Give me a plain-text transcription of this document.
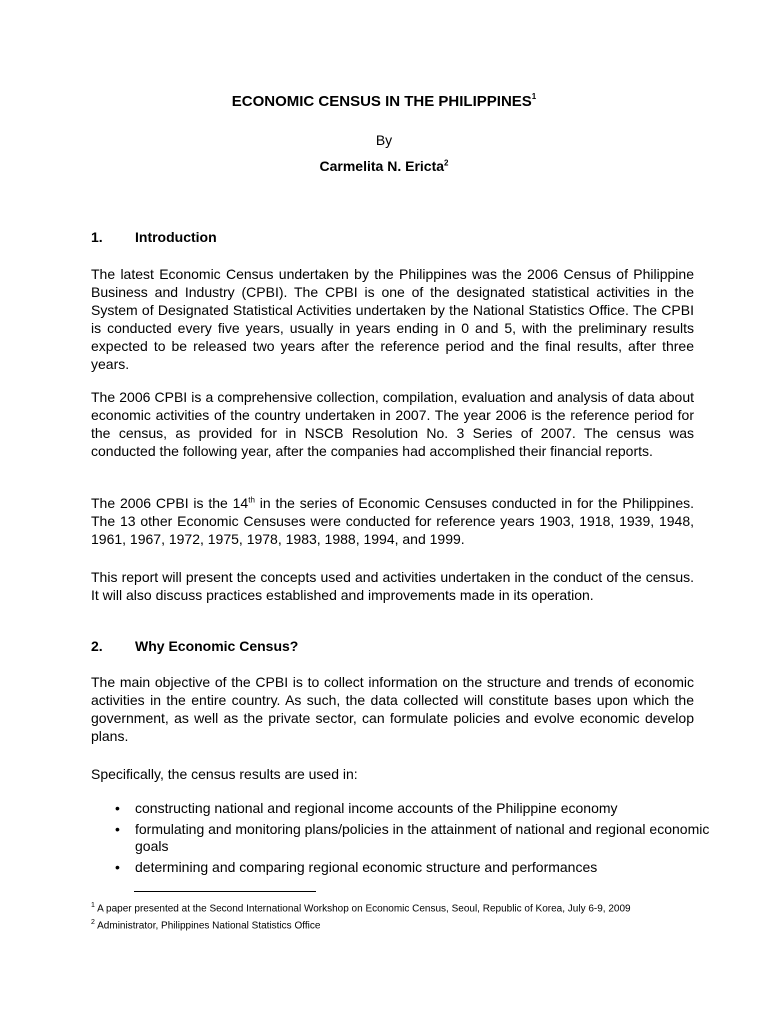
ECONOMIC CENSUS IN THE PHILIPPINES$^1$
By
Carmelita N. Ericta$^2$
1. Introduction
The latest Economic Census undertaken by the Philippines was the 2006 Census of Philippine Business and Industry (CPBI). The CPBI is one of the designated statistical activities in the System of Designated Statistical Activities undertaken by the National Statistics Office. The CPBI is conducted every five years, usually in years ending in 0 and 5, with the preliminary results expected to be released two years after the reference period and the final results, after three years.
The 2006 CPBI is a comprehensive collection, compilation, evaluation and analysis of data about economic activities of the country undertaken in 2007. The year 2006 is the reference period for the census, as provided for in NSCB Resolution No. 3 Series of 2007. The census was conducted the following year, after the companies had accomplished their financial reports.
The 2006 CPBI is the 14th in the series of Economic Censuses conducted in for the Philippines. The 13 other Economic Censuses were conducted for reference years 1903, 1918, 1939, 1948, 1961, 1967, 1972, 1975, 1978, 1983, 1988, 1994, and 1999.
This report will present the concepts used and activities undertaken in the conduct of the census. It will also discuss practices established and improvements made in its operation.
2. Why Economic Census?
The main objective of the CPBI is to collect information on the structure and trends of economic activities in the entire country. As such, the data collected will constitute bases upon which the government, as well as the private sector, can formulate policies and evolve economic develop plans.
Specifically, the census results are used in:
• constructing national and regional income accounts of the Philippine economy
• formulating and monitoring plans/policies in the attainment of national and regional economic goals
• determining and comparing regional economic structure and performances
$^1$ A paper presented at the Second International Workshop on Economic Census, Seoul, Republic of Korea, July 6-9, 2009
$^2$ Administrator, Philippines National Statistics Office
